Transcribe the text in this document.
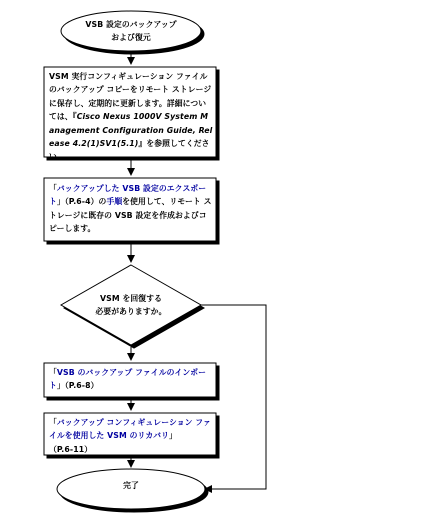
VSB 設定のバックアップ
および復元
VSM 実行コンフィギュレーション ファイルのバックアップ コピーをリモート ストレージに保存し、定期的に更新します。詳細については、『Cisco Nexus 1000V System Management Configuration Guide, Release 4.2(1)SV1(5.1)』を参照してください。
「バックアップした VSB 設定のエクスポート」（P.6-4）の手順を使用して、リモート ストレージに既存の VSB 設定を作成およびコピーします。
VSM を回復する
必要がありますか。
「VSB のバックアップ ファイルのインポート」（P.6-8）
「バックアップ コンフィギュレーション ファイルを使用した VSM のリカバリ」（P.6-11）
完了
